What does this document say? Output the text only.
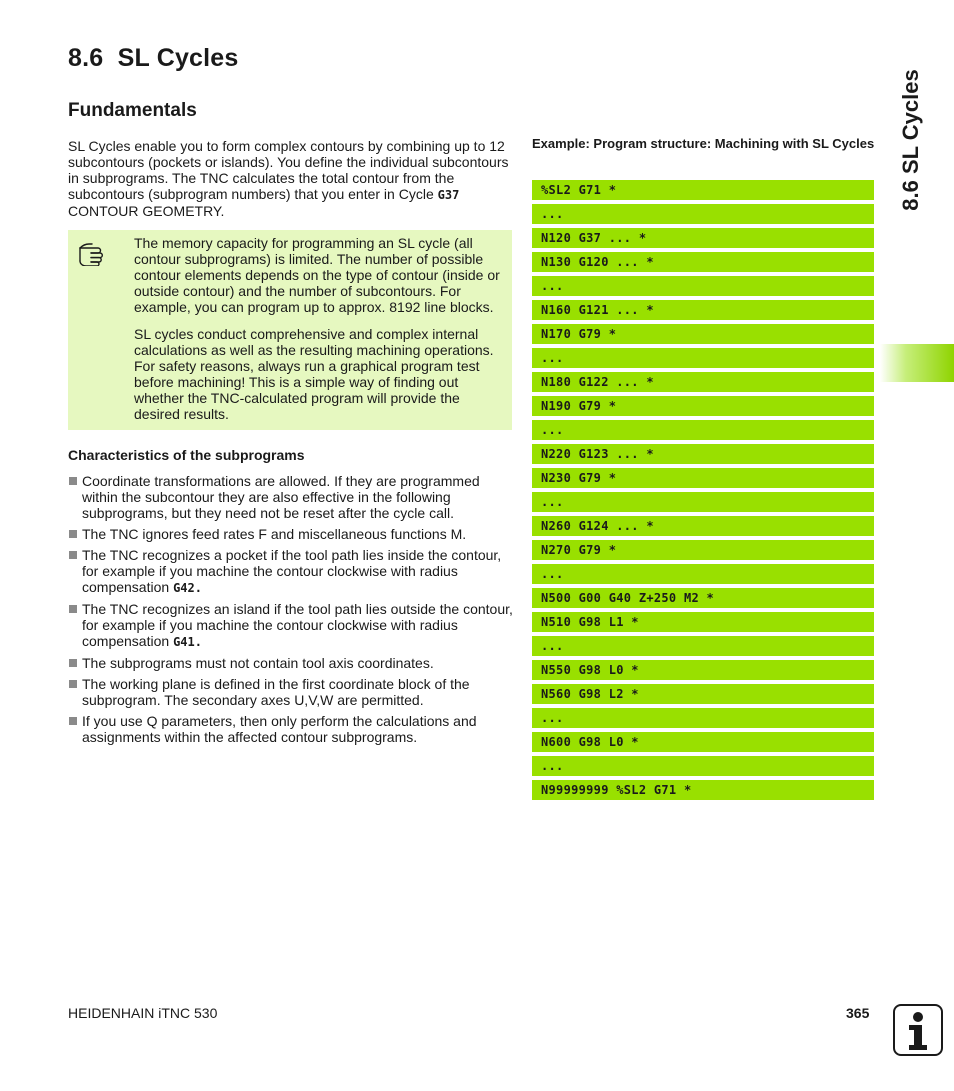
8.6 SL Cycles
Fundamentals

SL Cycles enable you to form complex contours by combining up to 12 subcontours (pockets or islands). You define the individual subcontours in subprograms. The TNC calculates the total contour from the subcontours (subprogram numbers) that you enter in Cycle G37 CONTOUR GEOMETRY.

The memory capacity for programming an SL cycle (all contour subprograms) is limited. The number of possible contour elements depends on the type of contour (inside or outside contour) and the number of subcontours. For example, you can program up to approx. 8192 line blocks.

SL cycles conduct comprehensive and complex internal calculations as well as the resulting machining operations. For safety reasons, always run a graphical program test before machining! This is a simple way of finding out whether the TNC-calculated program will provide the desired results.

Characteristics of the subprograms
Coordinate transformations are allowed. If they are programmed within the subcontour they are also effective in the following subprograms, but they need not be reset after the cycle call.
The TNC ignores feed rates F and miscellaneous functions M.
The TNC recognizes a pocket if the tool path lies inside the contour, for example if you machine the contour clockwise with radius compensation G42.
The TNC recognizes an island if the tool path lies outside the contour, for example if you machine the contour clockwise with radius compensation G41.
The subprograms must not contain tool axis coordinates.
The working plane is defined in the first coordinate block of the subprogram. The secondary axes U,V,W are permitted.
If you use Q parameters, then only perform the calculations and assignments within the affected contour subprograms.

Example: Program structure: Machining with SL Cycles

%SL2 G71 *
...
N120 G37 ... *
N130 G120 ... *
...
N160 G121 ... *
N170 G79 *
...
N180 G122 ... *
N190 G79 *
...
N220 G123 ... *
N230 G79 *
...
N260 G124 ... *
N270 G79 *
...
N500 G00 G40 Z+250 M2 *
N510 G98 L1 *
...
N550 G98 L0 *
N560 G98 L2 *
...
N600 G98 L0 *
...
N99999999 %SL2 G71 *
8.6 SL Cycles
HEIDENHAIN iTNC 530	365
